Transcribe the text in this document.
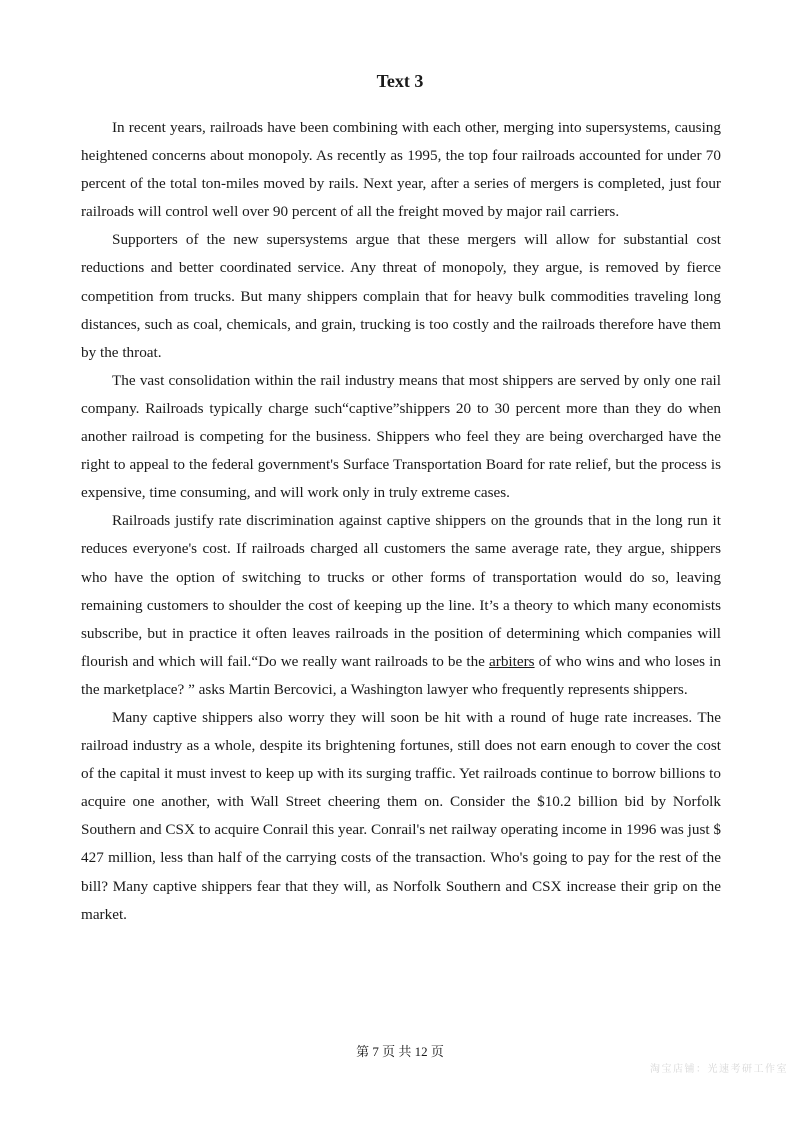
Text 3

In recent years, railroads have been combining with each other, merging into supersystems, causing heightened concerns about monopoly. As recently as 1995, the top four railroads accounted for under 70 percent of the total ton-miles moved by rails. Next year, after a series of mergers is completed, just four railroads will control well over 90 percent of all the freight moved by major rail carriers.

Supporters of the new supersystems argue that these mergers will allow for substantial cost reductions and better coordinated service. Any threat of monopoly, they argue, is removed by fierce competition from trucks. But many shippers complain that for heavy bulk commodities traveling long distances, such as coal, chemicals, and grain, trucking is too costly and the railroads therefore have them by the throat.

The vast consolidation within the rail industry means that most shippers are served by only one rail company. Railroads typically charge such“captive”shippers 20 to 30 percent more than they do when another railroad is competing for the business. Shippers who feel they are being overcharged have the right to appeal to the federal government's Surface Transportation Board for rate relief, but the process is expensive, time consuming, and will work only in truly extreme cases.

Railroads justify rate discrimination against captive shippers on the grounds that in the long run it reduces everyone's cost. If railroads charged all customers the same average rate, they argue, shippers who have the option of switching to trucks or other forms of transportation would do so, leaving remaining customers to shoulder the cost of keeping up the line. It’s a theory to which many economists subscribe, but in practice it often leaves railroads in the position of determining which companies will flourish and which will fail.“Do we really want railroads to be the arbiters of who wins and who loses in the marketplace? ” asks Martin Bercovici, a Washington lawyer who frequently represents shippers.

Many captive shippers also worry they will soon be hit with a round of huge rate increases. The railroad industry as a whole, despite its brightening fortunes, still does not earn enough to cover the cost of the capital it must invest to keep up with its surging traffic. Yet railroads continue to borrow billions to acquire one another, with Wall Street cheering them on. Consider the $10.2 billion bid by Norfolk Southern and CSX to acquire Conrail this year. Conrail's net railway operating income in 1996 was just $ 427 million, less than half of the carrying costs of the transaction. Who's going to pay for the rest of the bill? Many captive shippers fear that they will, as Norfolk Southern and CSX increase their grip on the market.

第 7 页 共 12 页
淘宝店铺：光速考研工作室
